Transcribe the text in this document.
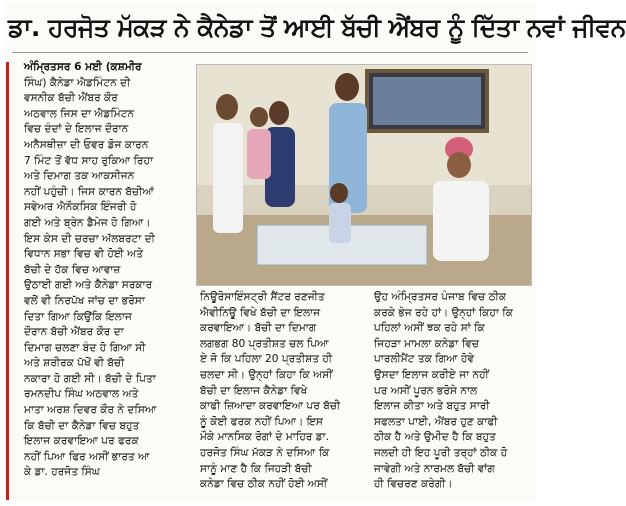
ਡਾ. ਹਰਜੋਤ ਮੱਕੜ ਨੇ ਕੈਨੇਡਾ ਤੋਂ ਆਈ ਬੱਚੀ ਐਂਬਰ ਨੂੰ ਦਿੱਤਾ ਨਵਾਂ ਜੀਵਨ
ਅੰਮ੍ਰਿਤਸਰ 6 ਮਈ (ਕਸ਼ਮੀਰ
ਸਿੰਘ) ਕੈਨੇਡਾ ਐਡਮਿੰਟਨ ਦੀ
ਵਸਨੀਕ ਬੱਚੀ ਐਂਬਰ ਕੌਰ
ਅਠਵਾਲ ਜਿਸ ਦਾ ਐਡਮਿੰਟਨ
ਵਿਚ ਦੰਦਾਂ ਦੇ ਇਲਾਜ ਦੌਰਾਨ
ਅਨੈਸਥੀਜ਼ਾ ਦੀ ਓਵਰ ਡੋਜ ਕਾਰਨ
7 ਮਿੰਟ ਤੋਂ ਵੱਧ ਸਾਹ ਰੁਕਿਆ ਰਿਹਾ
ਅਤੇ ਦਿਮਾਗ ਤਕ ਆਕਸੀਜਨ
ਨਹੀਂ ਪਹੁੰਚੀ। ਜਿਸ ਕਾਰਨ ਬੱਚੀਆਂ
ਸਵੇਅਰ ਐਨੌਕਸਿਕ ਇੰਜਰੀ ਹੋ
ਗਈ ਅਤੇ ਬ੍ਰੇਨ ਡੈਮੇਜ ਹੋ ਗਿਆ।
ਇਸ ਕੇਸ ਦੀ ਚਰਚਾ ਅੱਲਬਰਟਾ ਦੀ
ਵਿਧਾਨ ਸਭਾ ਵਿਚ ਵੀ ਹੋਈ ਅਤੇ
ਬੱਚੀ ਦੇ ਹੱਕ ਵਿਚ ਆਵਾਜ਼
ਉਠਾਈ ਗਈ ਅਤੇ ਕੈਨੇਡਾ ਸਰਕਾਰ
ਵਲੋਂ ਵੀ ਨਿਰਪੱਖ ਜਾਂਚ ਦਾ ਭਰੋਸਾ
ਦਿਤਾ ਗਿਆ ਕਿਉਂਕਿ ਇਲਾਜ
ਦੌਰਾਨ ਬੱਚੀ ਐਂਬਰ ਕੌਰ ਦਾ
ਦਿਮਾਗ ਚਲਣਾ ਬੰਦ ਹੋ ਗਿਆ ਸੀ
ਅਤੇ ਸ਼ਰੀਰਕ ਪੱਖੋਂ ਵੀ ਬੱਚੀ
ਨਕਾਰਾ ਹੋ ਗਈ ਸੀ। ਬੱਚੀ ਦੇ ਪਿਤਾ
ਰਮਨਦੀਪ ਸਿੰਘ ਅਠਵਾਲ ਅਤੇ
ਮਾਤਾ ਅਰਸ਼ ਦਿਵਰ ਕੌਰ ਨੇ ਦਸਿਆ
ਕਿ ਬੱਚੀ ਦਾ ਕੈਨੇਡਾ ਵਿਚ ਬਹੁਤ
ਇਲਾਜ ਕਰਵਾਇਆ ਪਰ ਫਰਕ
ਨਹੀਂ ਪਿਆ ਫਿਰ ਅਸੀਂ ਭਾਰਤ ਆ
ਕੇ ਡਾ. ਹਰਜੋਤ ਸਿੰਘ
ਨਿਊਰੋਸਾਇੰਸਟ੍ਰੀ ਸੈਂਟਰ ਰਣਜੀਤ
ਐਵੀਨਿਊ ਵਿਖੇ ਬੱਚੀ ਦਾ ਇਲਾਜ
ਕਰਵਾਇਆ। ਬੱਚੀ ਦਾ ਦਿਮਾਗ
ਲਗਭਗ 80 ਪ੍ਰਤੀਸ਼ਤ ਚਲ ਪਿਆ
ਏ ਜੋ ਕਿ ਪਹਿਲਾ 20 ਪ੍ਰਤੀਸ਼ਤ ਹੀ
ਚਲਦਾ ਸੀ। ਉਨ੍ਹਾਂ ਕਿਹਾ ਕਿ ਅਸੀਂ
ਬੱਚੀ ਦਾ ਇਲਾਜ ਕੈਨੇਡਾ ਵਿਖੇ
ਕਾਫੀ ਜ਼ਿਆਦਾ ਕਰਵਾਇਆ ਪਰ ਬੱਚੀ
ਨੂੰ ਕੋਈ ਫਰਕ ਨਹੀਂ ਪਿਆ। ਇਸ
ਮੌਕੇ ਮਾਨਸਿਕ ਰੋਗਾਂ ਦੇ ਮਾਹਿਰ ਡਾ.
ਹਰਜੋਤ ਸਿੰਘ ਮੱਕੜ ਨੇ ਦਸਿਆ ਕਿ
ਸਾਨੂੰ ਮਾਣ ਹੈ ਕਿ ਜਿਹੜੀ ਬੱਚੀ
ਕਨੇਡਾ ਵਿਚ ਠੀਕ ਨਹੀਂ ਹੋਈ ਅਸੀਂ
ਉਹ ਅੰਮ੍ਰਿਤਸਰ ਪੰਜਾਬ ਵਿਚ ਠੀਕ
ਕਰਕੇ ਭੇਜ ਰਹੇ ਹਾਂ। ਉਨ੍ਹਾਂ ਕਿਹਾ ਕਿ
ਪਹਿਲਾਂ ਅਸੀਂ ਝਕ ਰਹੇ ਸਾਂ ਕਿ
ਜਿਹੜਾ ਮਾਮਲਾ ਕਨੇਡਾ ਵਿਚ
ਪਾਰਲੀਮੈਂਟ ਤਕ ਗਿਆ ਹੋਵੇ
ਉਸਦਾ ਇਲਾਜ ਕਰੀਏ ਜਾ ਨਹੀਂ
ਪਰ ਅਸੀਂ ਪੂਰਨ ਭਰੋਸੇ ਨਾਲ
ਇਲਾਜ ਕੀਤਾ ਅਤੇ ਬਹੁਤ ਸਾਰੀ
ਸਫਲਤਾ ਪਾਈ, ਐਂਬਰ ਹੁਣ ਕਾਫੀ
ਠੀਕ ਹੈ ਅਤੇ ਉਮੀਦ ਹੈ ਕਿ ਬਹੁਤ
ਜਲਦੀ ਹੀ ਇਹ ਪੂਰੀ ਤਰ੍ਹਾਂ ਠੀਕ ਹੋ
ਜਾਵੇਗੀ ਅਤੇ ਨਾਰਮਲ ਬੱਚੀ ਵਾਂਗ
ਹੀ ਵਿਚਰਣ ਕਰੇਗੀ।
